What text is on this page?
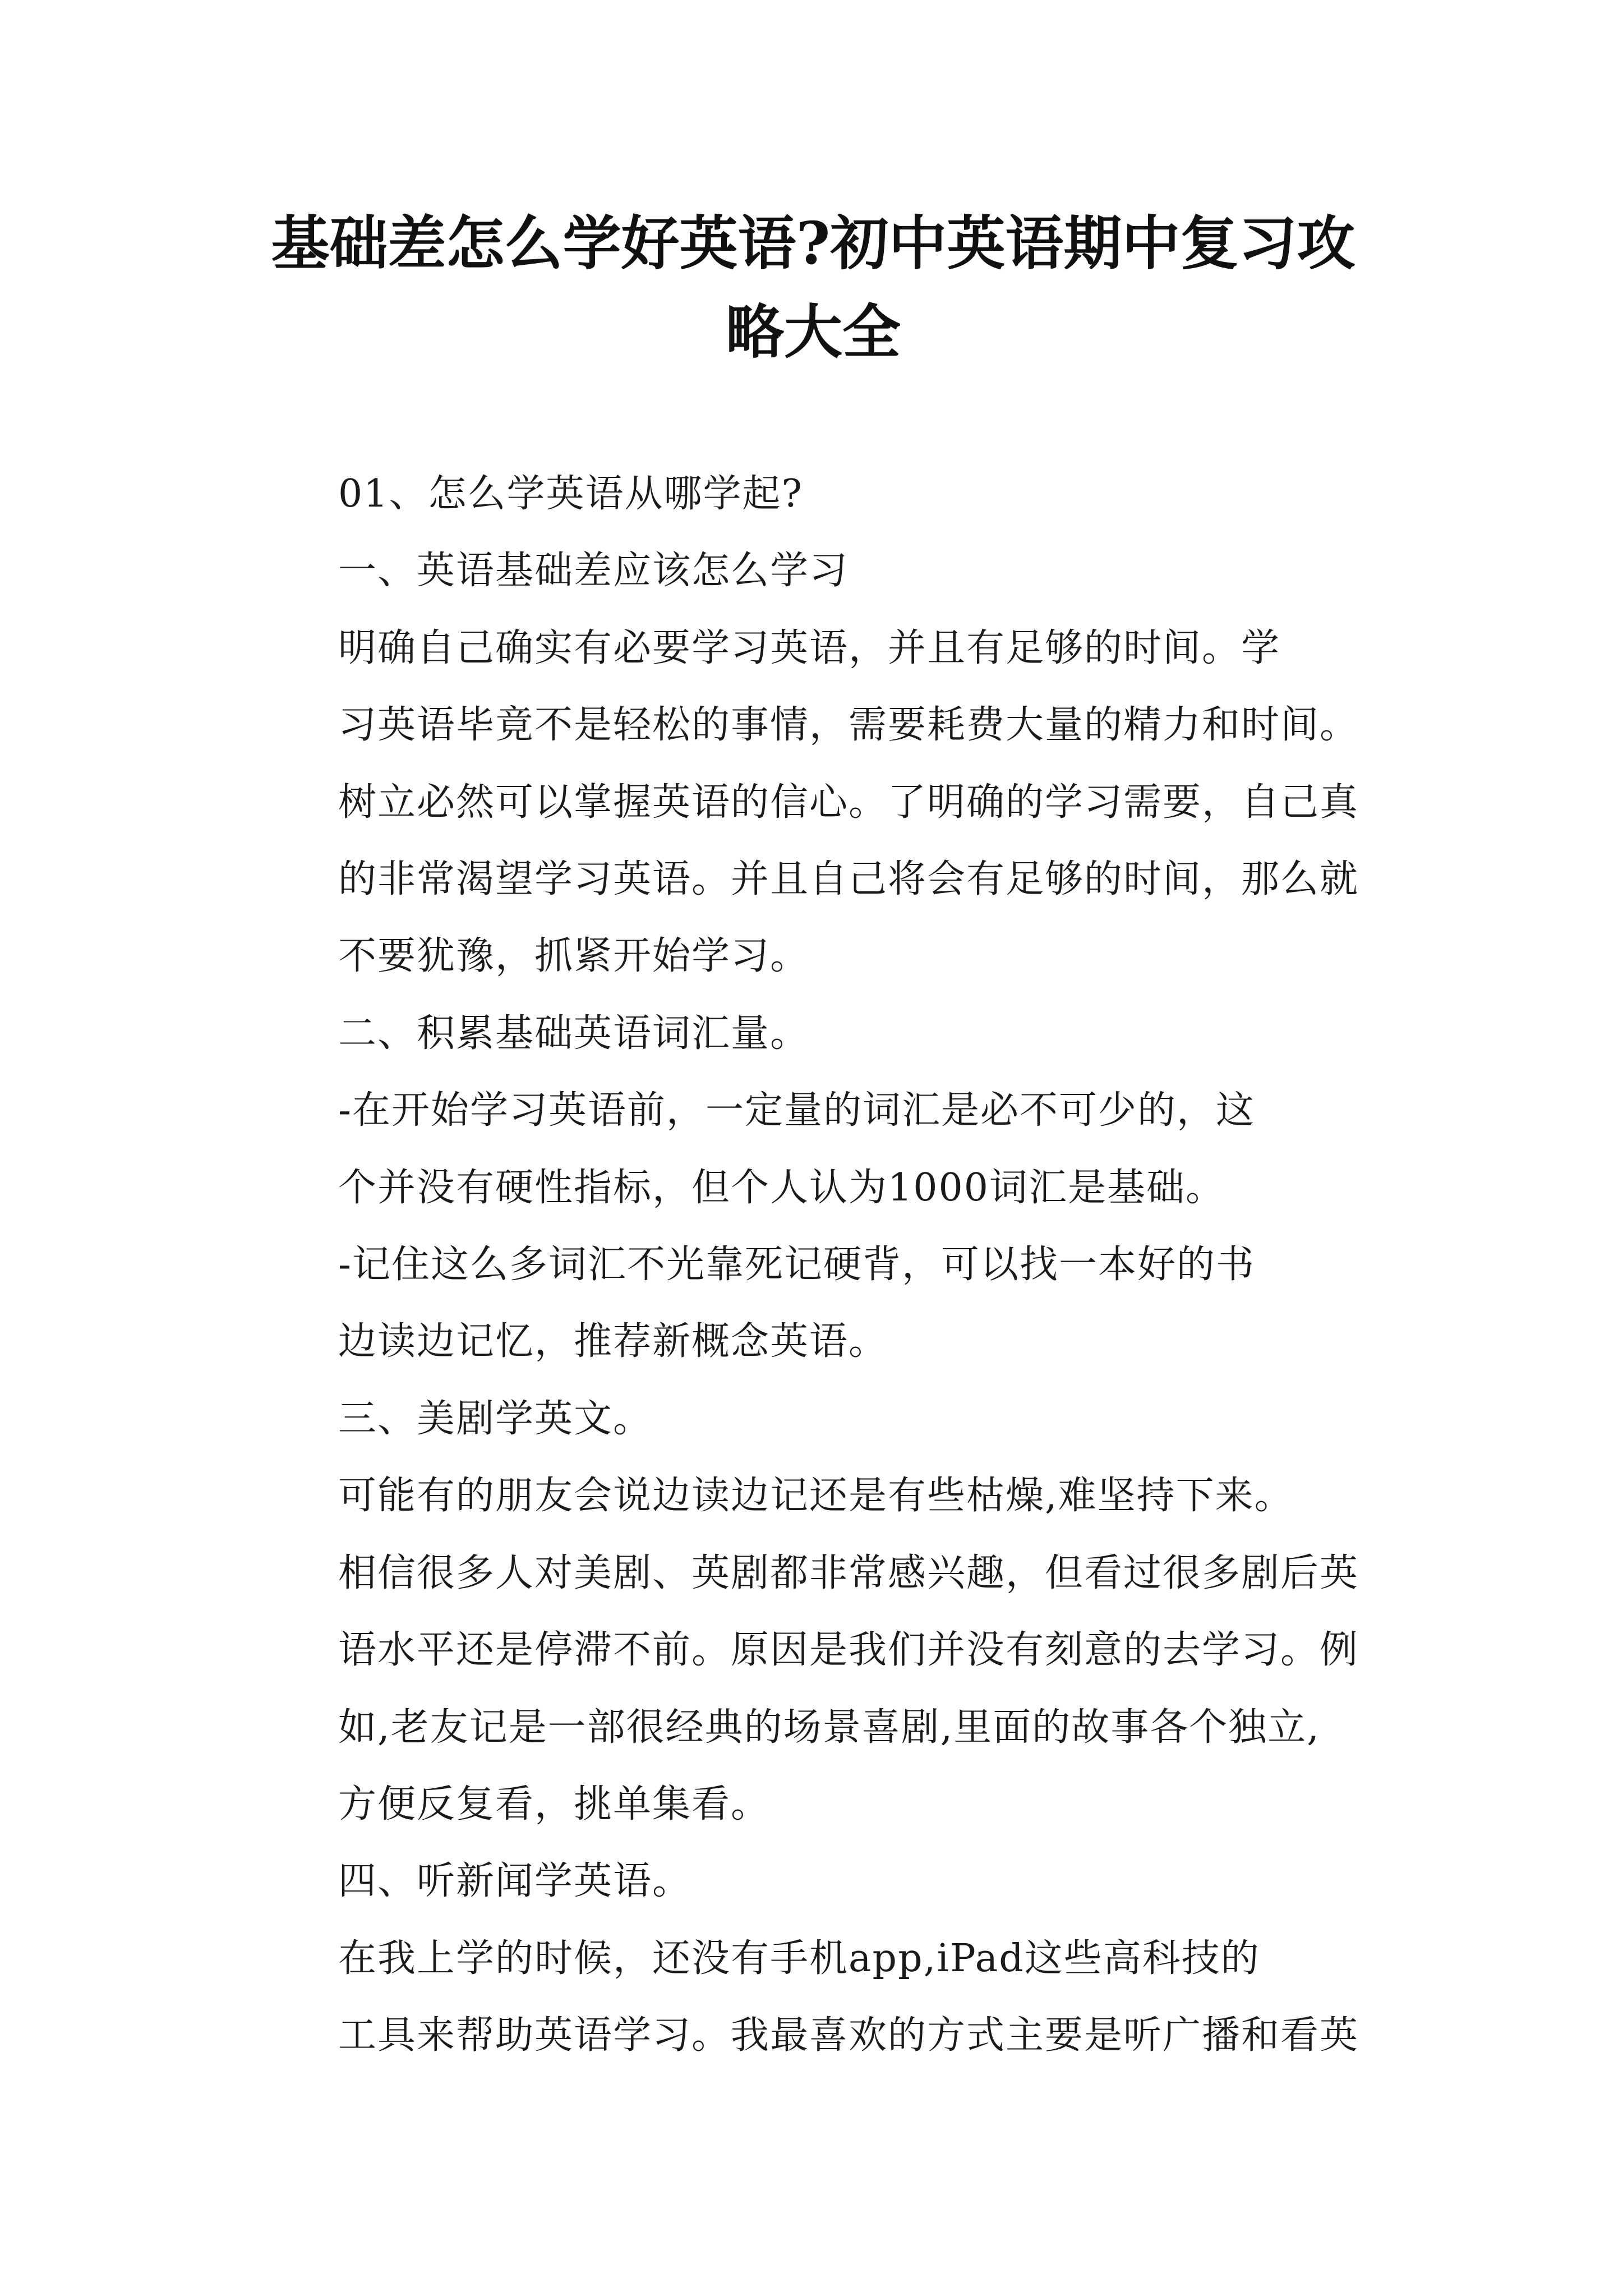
基础差怎么学好英语?初中英语期中复习攻
略大全

01、怎么学英语从哪学起?

一、英语基础差应该怎么学习

明确自己确实有必要学习英语，并且有足够的时间。学
习英语毕竟不是轻松的事情，需要耗费大量的精力和时间。
树立必然可以掌握英语的信心。了明确的学习需要，自己真
的非常渴望学习英语。并且自己将会有足够的时间，那么就
不要犹豫，抓紧开始学习。

二、积累基础英语词汇量。

-在开始学习英语前，一定量的词汇是必不可少的，这
个并没有硬性指标，但个人认为1000词汇是基础。

-记住这么多词汇不光靠死记硬背，可以找一本好的书
边读边记忆，推荐新概念英语。

三、美剧学英文。

可能有的朋友会说边读边记还是有些枯燥,难坚持下来。
相信很多人对美剧、英剧都非常感兴趣，但看过很多剧后英
语水平还是停滞不前。原因是我们并没有刻意的去学习。例
如,老友记是一部很经典的场景喜剧,里面的故事各个独立,
方便反复看，挑单集看。

四、听新闻学英语。

在我上学的时候，还没有手机app,iPad这些高科技的
工具来帮助英语学习。我最喜欢的方式主要是听广播和看英
